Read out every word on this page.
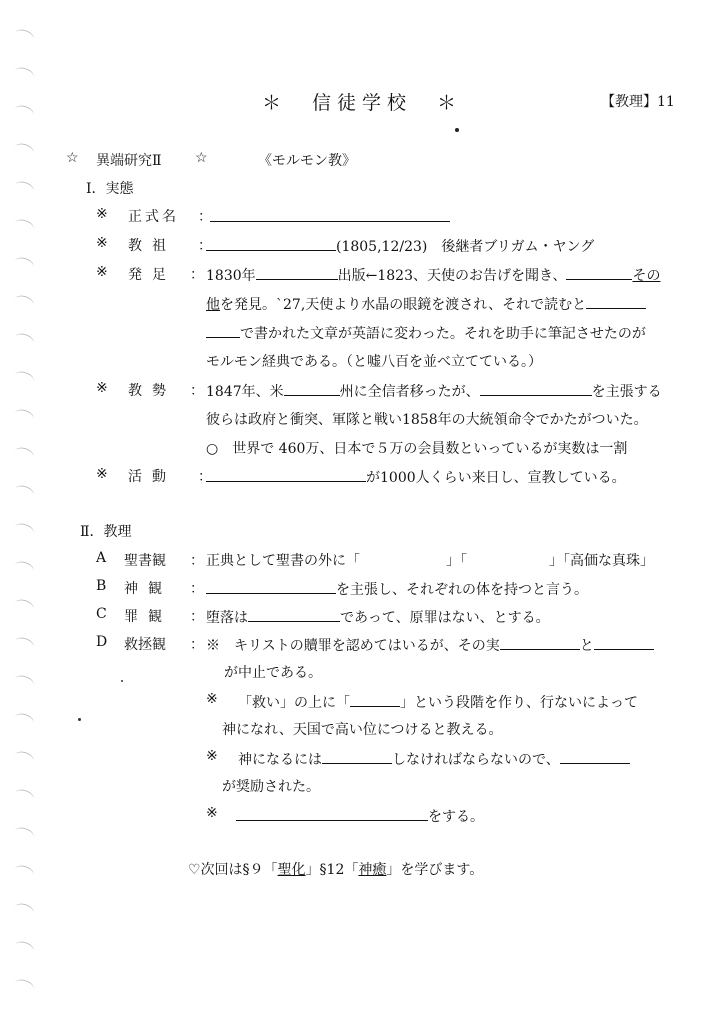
＊　信徒学校　＊	【教理】11
☆ 異端研究Ⅱ ☆	《モルモン教》
Ⅰ．実態
※ 正式名 ：
※ 教祖 ：	(1805,12/23)　 後継者ブリガム・ヤング
※ 発足 ： 1830年	出版←1823、天使のお告げを聞き、	その
他を発見。`27,天使より水晶の眼鏡を渡され、それで読むと
で書かれた文章が英語に変わった。それを助手に筆記させたのが
モルモン経典である。（と嘘八百を並べ立てている。）
※ 教勢 ： 1847年、米	州に全信者移ったが、	を主張する
彼らは政府と衝突、軍隊と戦い1858年の大統領命令でかたがついた。
○　世界で 460万、日本で５万の会員数といっているが実数は一割
※ 活動 ：	が1000人くらい来日し、宣教している。
Ⅱ．教理
A 聖書観 ： 正典として聖書の外に「	」「	」「高価な真珠」
B 神観 ：	を主張し、それぞれの体を持つと言う。
C 罪観 ： 堕落は	であって、原罪はない、とする。
D 救拯観 ： ※　キリストの贖罪を認めてはいるが、その実	と
が中止である。
※ 「救い」の上に「	」という段階を作り、行ないによって
神になれ、天国で高い位につけると教える。
※ 神になるには	しなければならないので、
が奨励された。
※	をする。
♡次回は§９「聖化」§12「神癒」を学びます。
